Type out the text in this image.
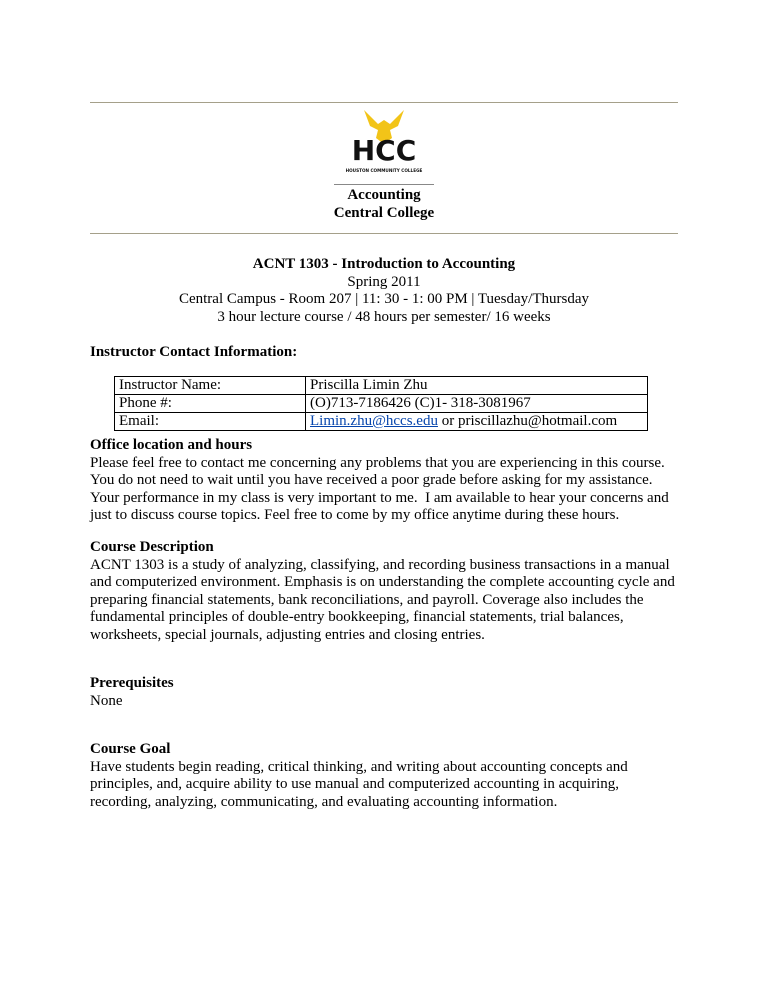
HCC
HOUSTON COMMUNITY COLLEGE
Accounting
Central College
ACNT 1303 - Introduction to Accounting
Spring 2011
Central Campus - Room 207 | 11: 30 - 1: 00 PM | Tuesday/Thursday
3 hour lecture course / 48 hours per semester/ 16 weeks
Instructor Contact Information:
Instructor Name:	Priscilla Limin Zhu
Phone #:	(O)713-7186426 (C)1- 318-3081967
Email:	Limin.zhu@hccs.edu or priscillazhu@hotmail.com
Office location and hours
Please feel free to contact me concerning any problems that you are experiencing in this course.
You do not need to wait until you have received a poor grade before asking for my assistance.
Your performance in my class is very important to me.  I am available to hear your concerns and
just to discuss course topics. Feel free to come by my office anytime during these hours.
Course Description
ACNT 1303 is a study of analyzing, classifying, and recording business transactions in a manual
and computerized environment. Emphasis is on understanding the complete accounting cycle and
preparing financial statements, bank reconciliations, and payroll. Coverage also includes the
fundamental principles of double-entry bookkeeping, financial statements, trial balances,
worksheets, special journals, adjusting entries and closing entries.
Prerequisites
None
Course Goal
Have students begin reading, critical thinking, and writing about accounting concepts and
principles, and, acquire ability to use manual and computerized accounting in acquiring,
recording, analyzing, communicating, and evaluating accounting information.
